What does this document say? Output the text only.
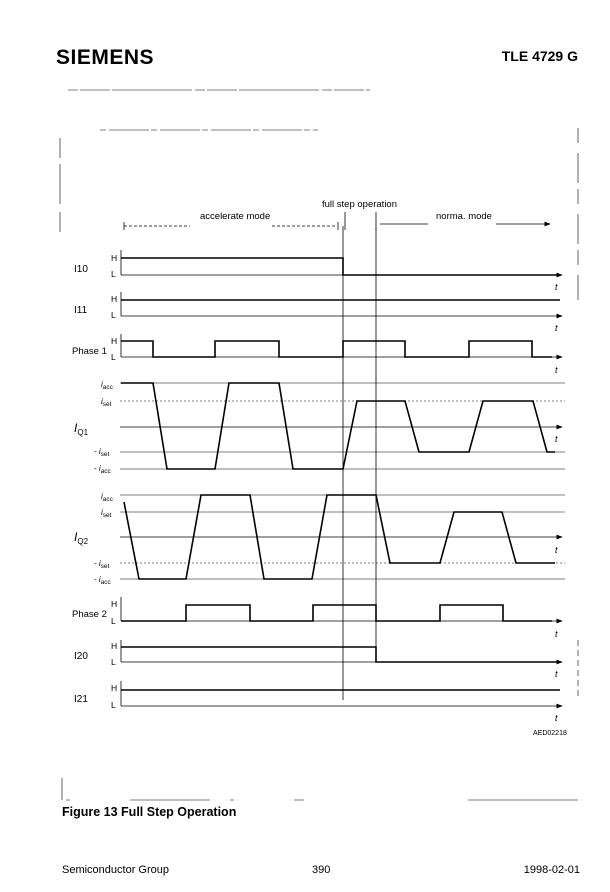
SIEMENS	TLE 4729 G
full step operation
accelerate mode	norma. mode
I10
H
L
t
I11
H
L
t
Phase 1
H
L
t
$I_{Q1}$
$i_{acc}$
$i_{set}$
- $i_{set}$
- $i_{acc}$
t
$I_{Q2}$
$i_{acc}$
$i_{set}$
- $i_{set}$
- $i_{acc}$
t
Phase 2
H
L
t
I20
H
L
t
I21
H
L
t
AED02218
Figure 13 Full Step Operation
Semiconductor Group	390	1998-02-01
